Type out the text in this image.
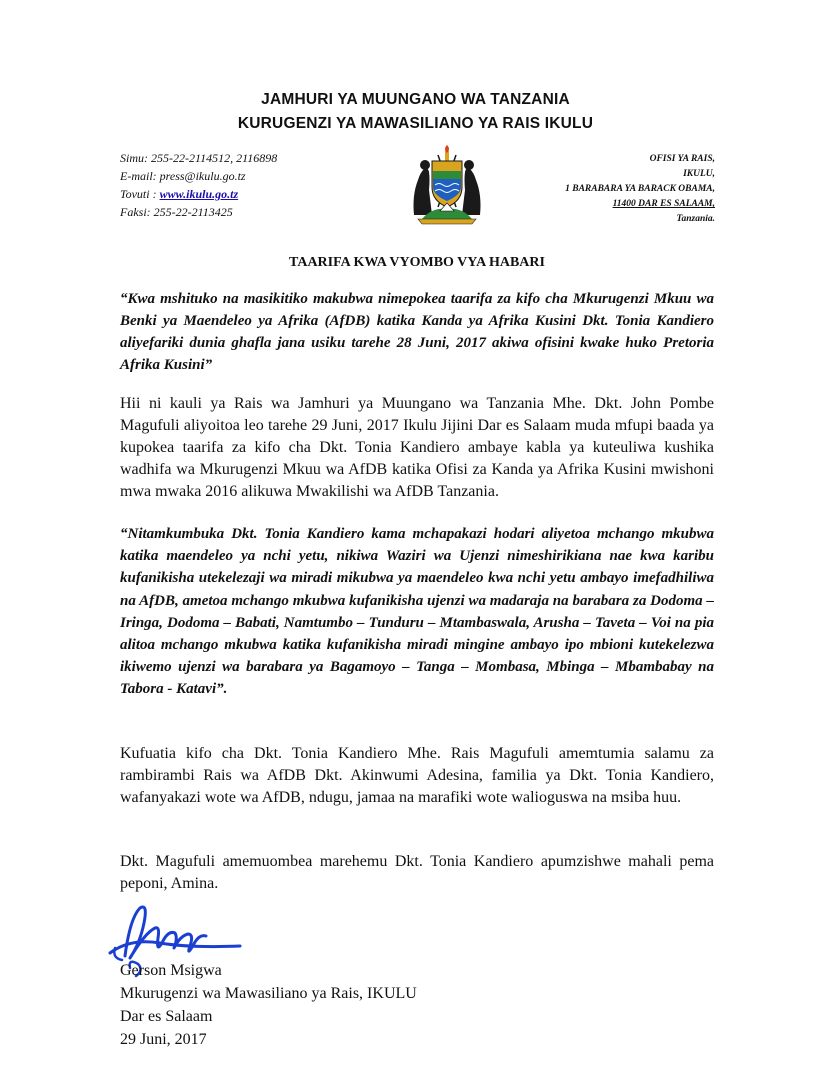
JAMHURI YA MUUNGANO WA TANZANIA
KURUGENZI YA MAWASILIANO YA RAIS IKULU
Simu: 255-22-2114512, 2116898
E-mail: press@ikulu.go.tz
Tovuti : www.ikulu.go.tz
Faksi: 255-22-2113425
OFISI YA RAIS,
IKULU,
1 BARABARA YA BARACK OBAMA,
11400 DAR ES SALAAM,
Tanzania.
TAARIFA KWA VYOMBO VYA HABARI
“Kwa mshituko na masikitiko makubwa nimepokea taarifa za kifo cha Mkurugenzi Mkuu wa Benki ya Maendeleo ya Afrika (AfDB) katika Kanda ya Afrika Kusini Dkt. Tonia Kandiero aliyefariki dunia ghafla jana usiku tarehe 28 Juni, 2017 akiwa ofisini kwake huko Pretoria Afrika Kusini”
Hii ni kauli ya Rais wa Jamhuri ya Muungano wa Tanzania Mhe. Dkt. John Pombe Magufuli aliyoitoa leo tarehe 29 Juni, 2017 Ikulu Jijini Dar es Salaam muda mfupi baada ya kupokea taarifa za kifo cha Dkt. Tonia Kandiero ambaye kabla ya kuteuliwa kushika wadhifa wa Mkurugenzi Mkuu wa AfDB katika Ofisi za Kanda ya Afrika Kusini mwishoni mwa mwaka 2016 alikuwa Mwakilishi wa AfDB Tanzania.
“Nitamkumbuka Dkt. Tonia Kandiero kama mchapakazi hodari aliyetoa mchango mkubwa katika maendeleo ya nchi yetu, nikiwa Waziri wa Ujenzi nimeshirikiana nae kwa karibu kufanikisha utekelezaji wa miradi mikubwa ya maendeleo kwa nchi yetu ambayo imefadhiliwa na AfDB, ametoa mchango mkubwa kufanikisha ujenzi wa madaraja na barabara za Dodoma – Iringa, Dodoma – Babati, Namtumbo – Tunduru – Mtambaswala, Arusha – Taveta – Voi na pia alitoa mchango mkubwa katika kufanikisha miradi mingine ambayo ipo mbioni kutekelezwa ikiwemo ujenzi wa barabara ya Bagamoyo – Tanga – Mombasa, Mbinga – Mbambabay na Tabora - Katavi”.
Kufuatia kifo cha Dkt. Tonia Kandiero Mhe. Rais Magufuli amemtumia salamu za rambirambi Rais wa AfDB Dkt. Akinwumi Adesina, familia ya Dkt. Tonia Kandiero, wafanyakazi wote wa AfDB, ndugu, jamaa na marafiki wote walioguswa na msiba huu.
Dkt. Magufuli amemuombea marehemu Dkt. Tonia Kandiero apumzishwe mahali pema peponi, Amina.
Gerson Msigwa
Mkurugenzi wa Mawasiliano ya Rais, IKULU
Dar es Salaam
29 Juni, 2017
